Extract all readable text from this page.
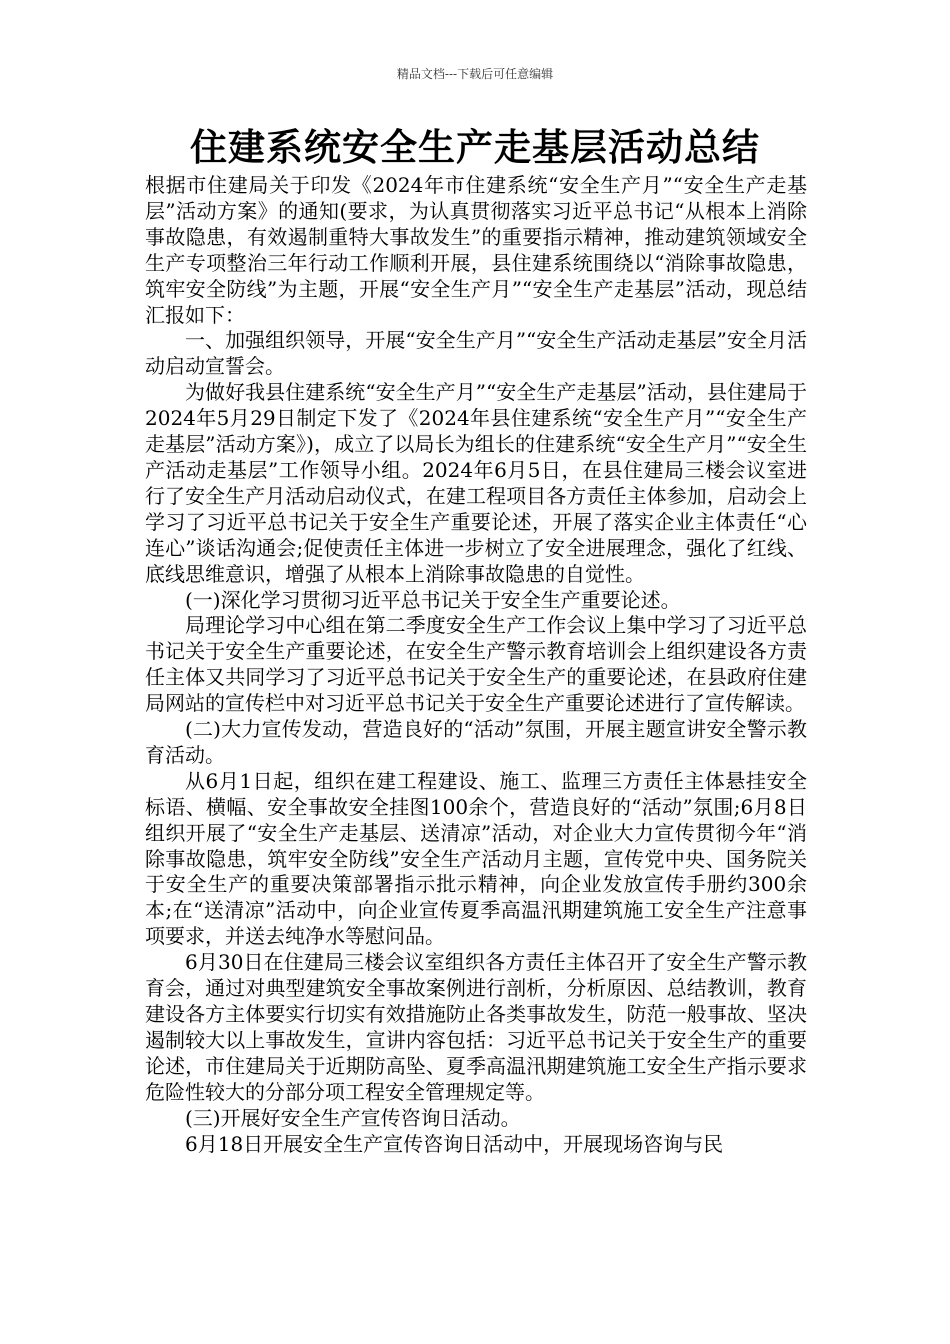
精品文档---下载后可任意编辑
住建系统安全生产走基层活动总结

根据市住建局关于印发《2024年市住建系统“安全生产月”“安全生产走基层”活动方案》的通知(要求，为认真贯彻落实习近平总书记“从根本上消除事故隐患，有效遏制重特大事故发生”的重要指示精神，推动建筑领域安全生产专项整治三年行动工作顺利开展，县住建系统围绕以“消除事故隐患，筑牢安全防线”为主题，开展“安全生产月”“安全生产走基层”活动，现总结汇报如下：

一、加强组织领导，开展“安全生产月”“安全生产活动走基层”安全月活动启动宣誓会。

为做好我县住建系统“安全生产月”“安全生产走基层”活动，县住建局于2024年5月29日制定下发了《2024年县住建系统“安全生产月”“安全生产走基层”活动方案》)，成立了以局长为组长的住建系统“安全生产月”“安全生产活动走基层”工作领导小组。2024年6月5日，在县住建局三楼会议室进行了安全生产月活动启动仪式，在建工程项目各方责任主体参加，启动会上学习了习近平总书记关于安全生产重要论述，开展了落实企业主体责任“心连心”谈话沟通会;促使责任主体进一步树立了安全进展理念，强化了红线、底线思维意识，增强了从根本上消除事故隐患的自觉性。

(一)深化学习贯彻习近平总书记关于安全生产重要论述。

局理论学习中心组在第二季度安全生产工作会议上集中学习了习近平总书记关于安全生产重要论述，在安全生产警示教育培训会上组织建设各方责任主体又共同学习了习近平总书记关于安全生产的重要论述，在县政府住建局网站的宣传栏中对习近平总书记关于安全生产重要论述进行了宣传解读。

(二)大力宣传发动，营造良好的“活动”氛围，开展主题宣讲安全警示教育活动。

从6月1日起，组织在建工程建设、施工、监理三方责任主体悬挂安全标语、横幅、安全事故安全挂图100余个，营造良好的“活动”氛围;6月8日组织开展了“安全生产走基层、送清凉”活动，对企业大力宣传贯彻今年“消除事故隐患，筑牢安全防线”安全生产活动月主题，宣传党中央、国务院关于安全生产的重要决策部署指示批示精神，向企业发放宣传手册约300余本;在“送清凉”活动中，向企业宣传夏季高温汛期建筑施工安全生产注意事项要求，并送去纯净水等慰问品。

6月30日在住建局三楼会议室组织各方责任主体召开了安全生产警示教育会，通过对典型建筑安全事故案例进行剖析，分析原因、总结教训，教育建设各方主体要实行切实有效措施防止各类事故发生，防范一般事故、坚决遏制较大以上事故发生，宣讲内容包括：习近平总书记关于安全生产的重要论述，市住建局关于近期防高坠、夏季高温汛期建筑施工安全生产指示要求危险性较大的分部分项工程安全管理规定等。

(三)开展好安全生产宣传咨询日活动。

6月18日开展安全生产宣传咨询日活动中，开展现场咨询与民
